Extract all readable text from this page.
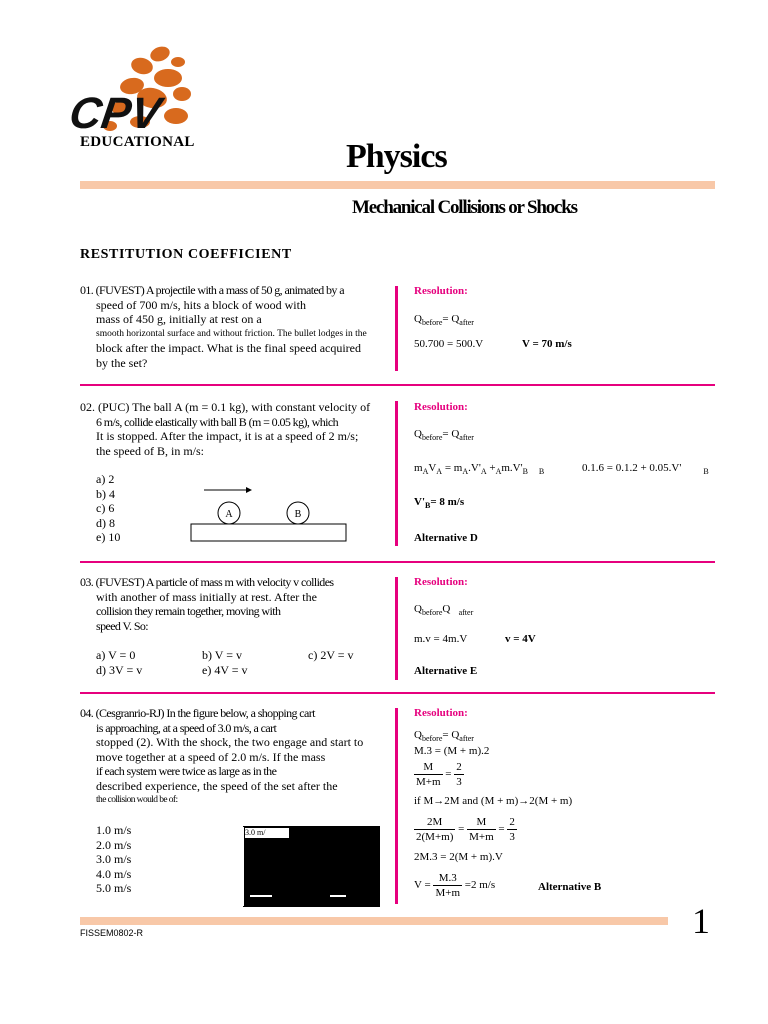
CPV
EDUCATIONAL	Physics
Mechanical Collisions or Shocks
RESTITUTION COEFFICIENT
01. (FUVEST) A projectile with a mass of 50 g, animated by a
speed of 700 m/s, hits a block of wood with
mass of 450 g, initially at rest on a
smooth horizontal surface and without friction. The bullet lodges in the
block after the impact. What is the final speed acquired
by the set?
Resolution:
$Q_{before}= Q_{after}$
50.700 = 500.V	V = 70 m/s
02. (PUC) The ball A (m = 0.1 kg), with constant velocity of
6 m/s, collide elastically with ball B (m = 0.05 kg), which
It is stopped. After the impact, it is at a speed of 2 m/s;
the speed of B, in m/s:
a) 2
b) 4
c) 6
d) 8
e) 10
A	B
Resolution:
$Q_{before}= Q_{after}$
$m_AV_A = m_A.V'_A +_Am.V'_B$ $_B$	0.1.6 = 0.1.2 + 0.05.V'	$_B$
$V'_B= 8$ m/s
Alternative D
03. (FUVEST) A particle of mass m with velocity v collides
with another of mass initially at rest. After the
collision they remain together, moving with
speed V. So:
a) V = 0	b) V = v	c) 2V = v
d) 3V = v	e) 4V = v
Resolution:
$Q_{before}Q$ $_{after}$
m.v = 4m.V	v = 4V
Alternative E
04. (Cesgranrio-RJ) In the figure below, a shopping cart
is approaching, at a speed of 3.0 m/s, a cart
stopped (2). With the shock, the two engage and start to
move together at a speed of 2.0 m/s. If the mass
if each system were twice as large as in the
described experience, the speed of the set after the
the collision would be of:
1.0 m/s
2.0 m/s
3.0 m/s
4.0 m/s
5.0 m/s
3.0 m/
Resolution:
$Q_{before}= Q_{after}$
M.3 = (M + m).2
$\frac{M}{M+m} = \frac{2}{3}$
if M→2M and (M + m)→2(M + m)
$\frac{2M}{2(M+m)} = \frac{M}{M+m} = \frac{2}{3}$
2M.3 = 2(M + m).V
$V = \frac{M.3}{M+m} =2$ m/s	Alternative B
FISSEM0802-R	1
